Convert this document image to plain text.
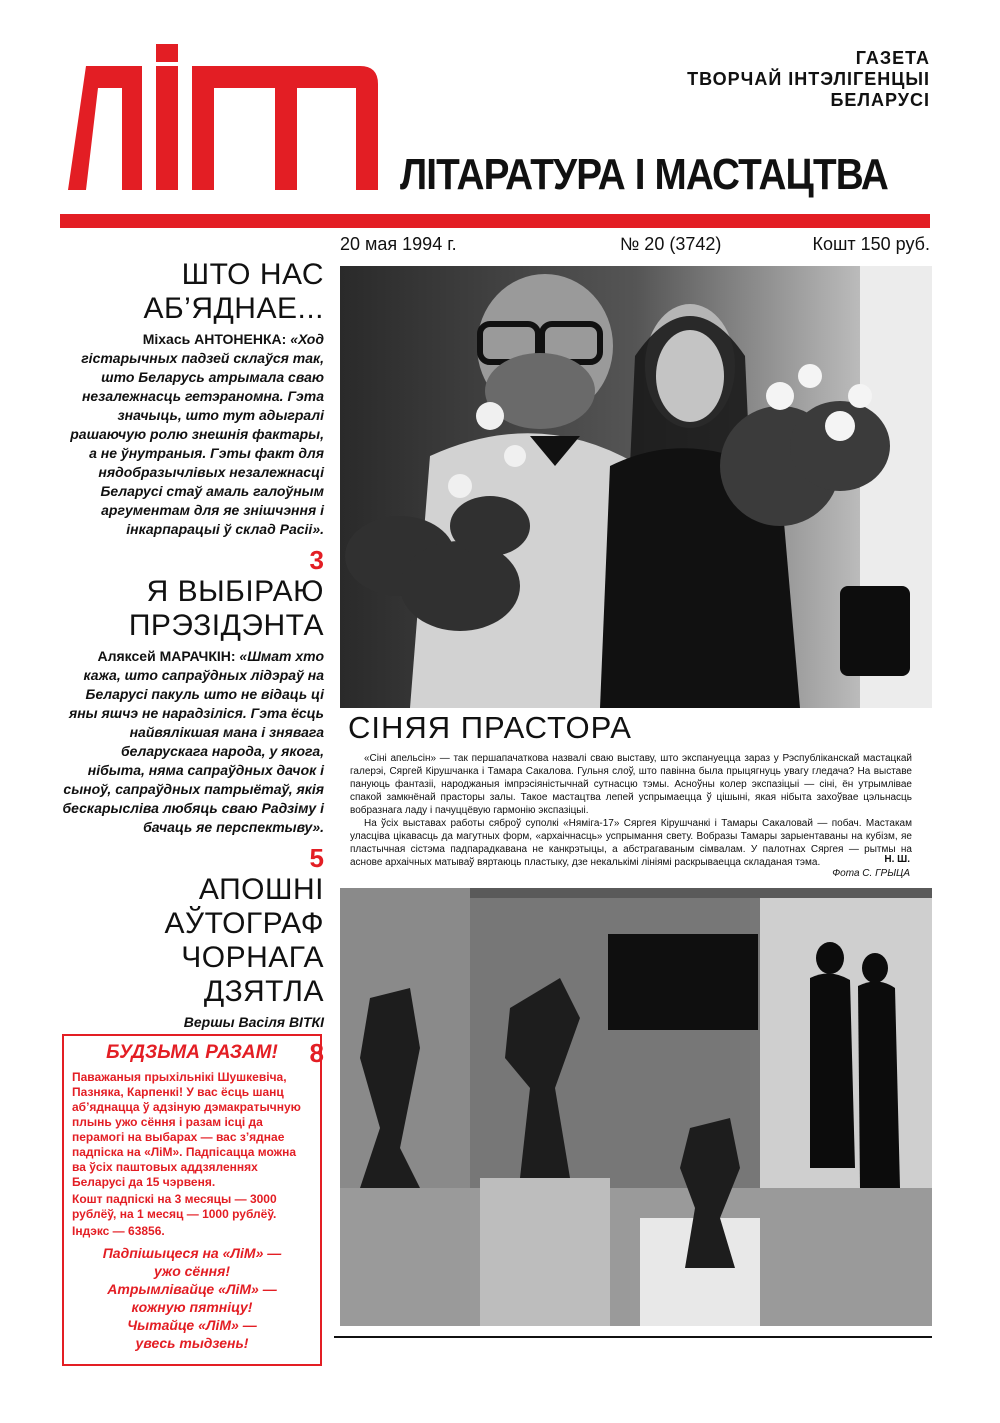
ГАЗЕТА
ТВОРЧАЙ ІНТЭЛІГЕНЦЫІ
БЕЛАРУСІ
ЛІТАРАТУРА І МАСТАЦТВА
20 мая 1994 г.	№ 20 (3742)	Кошт 150 руб.
ШТО НАС АБ’ЯДНАЕ...
Міхась АНТОНЕНКА: «Ход гістарычных падзей склаўся так, што Беларусь атрымала сваю незалежнасць гетэраномна. Гэта значыць, што тут адыгралі рашаючую ролю знешнія фактары, а не ўнутраныя. Гэты факт для нядобразычлівых незалежнасці Беларусі стаў амаль галоўным аргументам для яе знішчэння і інкарпарацыі ў склад Расіі».
3
Я ВЫБІРАЮ ПРЭЗІДЭНТА
Аляксей МАРАЧКІН: «Шмат хто кажа, што сапраўдных лідэраў на Беларусі пакуль што не відаць ці яны яшчэ не нарадзіліся. Гэта ёсць найвялікшая мана і знявага беларускага народа, у якога, нібыта, няма сапраўдных дачок і сыноў, сапраўдных патрыётаў, якія бескарысліва любяць сваю Радзіму і бачаць яе перспектыву».
5
АПОШНІ АЎТОГРАФ ЧОРНАГА ДЗЯТЛА
Вершы Васіля ВІТКІ
8
БУДЗЬМА РАЗАМ!
Паважаныя прыхільнікі Шушкевіча, Пазняка, Карпенкі! У вас ёсць шанц аб’яднацца ў адзіную дэмакратычную плынь ужо сёння і разам ісці да перамогі на выбарах — вас з’яднае падпіска на «ЛіМ». Падпісацца можна ва ўсіх паштовых аддзяленнях Беларусі да 15 чэрвеня.
Кошт падпіскі на 3 месяцы — 3000 рублёў, на 1 месяц — 1000 рублёў.
Індэкс — 63856.
Падпішыцеся на «ЛіМ» —
ужо сёння!
Атрымлівайце «ЛіМ» —
кожную пятніцу!
Чытайце «ЛіМ» —
увесь тыдзень!
СІНЯЯ ПРАСТОРА

«Сіні апельсін» — так першапачаткова назвалі сваю выставу, што экспануецца зараз у Рэспубліканскай мастацкай галерэі, Сяргей Кірушчанка і Тамара Сакалова. Гульня слоў, што павінна была прыцягнуць увагу гледача? На выставе пануюць фантазіі, народжаныя імпрэсіяністычнай сутнасцю тэмы. Асноўны колер экспазіцыі — сіні, ён утрымлівае спакой замкнёнай прасторы залы. Такое мастацтва лепей успрымаецца ў цішыні, якая нібыта захоўвае цэльнасць вобразнага ладу і пачуццёвую гармонію экспазіцыі.

На ўсіх выставах работы сяброў суполкі «Няміга-17» Сяргея Кірушчанкі і Тамары Сакаловай — побач. Мастакам уласціва цікавасць да магутных форм, «архаічнасць» успрымання свету. Вобразы Тамары зарыентаваны на кубізм, яе пластычная сістэма падпарадкавана не канкрэтыцы, а абстрагаваным сімвалам. У палотнах Сяргея — рытмы на аснове архаічных матываў вяртаюць пластыку, дзе некалькімі лініямі раскрываецца складаная тэма.	Н. Ш.
Фота С. ГРЫЦА
